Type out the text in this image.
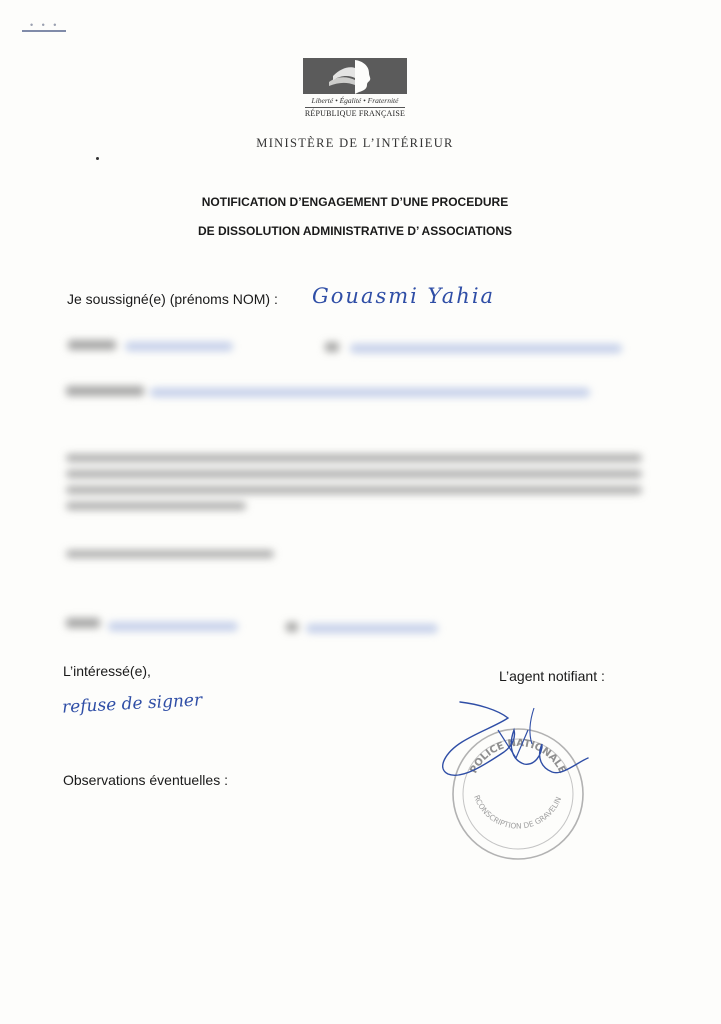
• • •
Liberté • Égalité • Fraternité
RÉPUBLIQUE FRANÇAISE
MINISTÈRE DE L’INTÉRIEUR
NOTIFICATION D’ENGAGEMENT D’UNE PROCEDURE
DE DISSOLUTION ADMINISTRATIVE D’ ASSOCIATIONS
Je soussigné(e) (prénoms NOM) : Gouasmi Yahia
L’intéressé(e),
refuse de signer
L’agent notifiant :
Observations éventuelles :
POLICE NATIONALE
RCONSCRIPTION DE GRAVELIN
